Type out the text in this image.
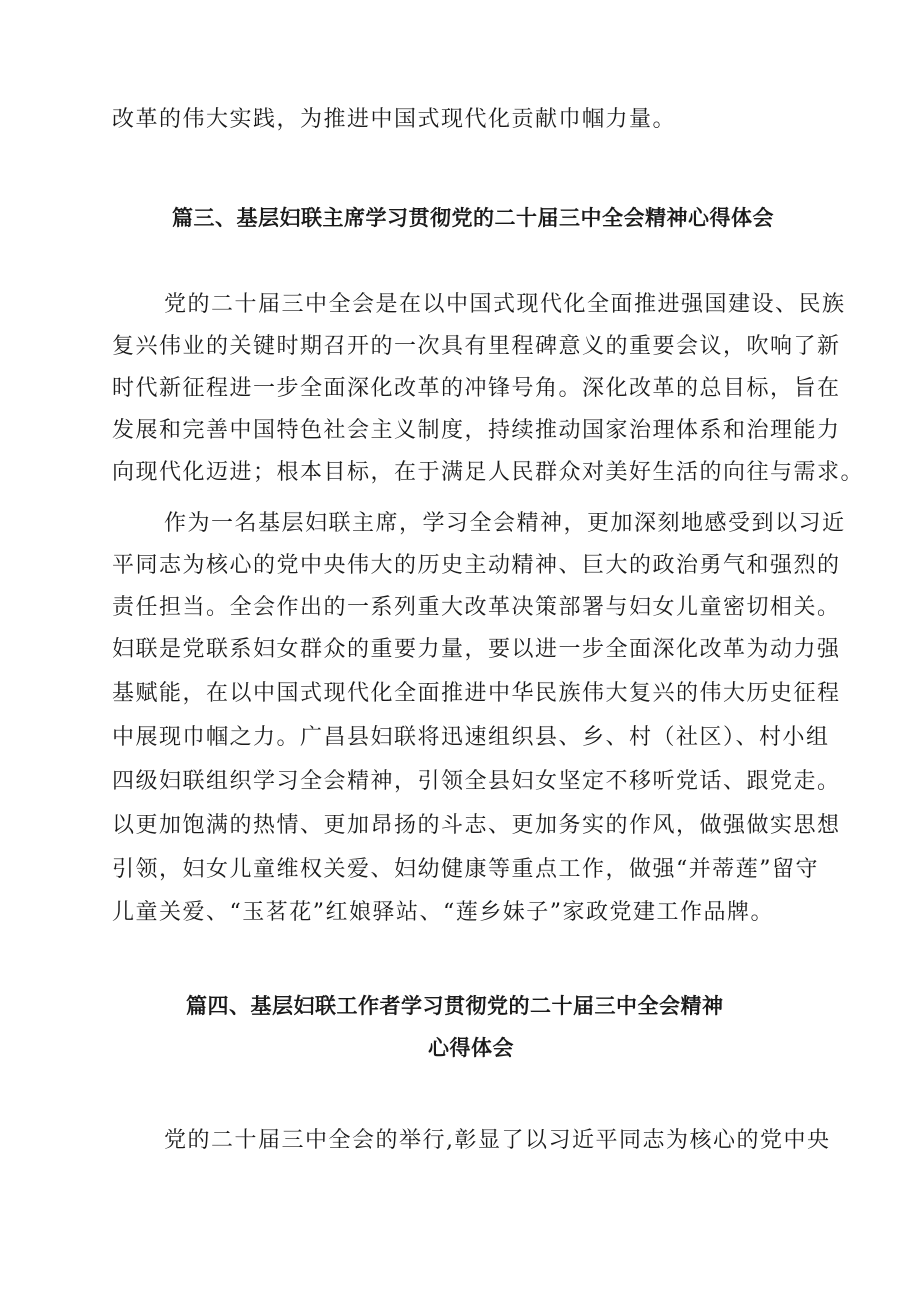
改革的伟大实践，为推进中国式现代化贡献巾帼力量。
篇三、基层妇联主席学习贯彻党的二十届三中全会精神心得体会
党的二十届三中全会是在以中国式现代化全面推进强国建设、民族
复兴伟业的关键时期召开的一次具有里程碑意义的重要会议，吹响了新
时代新征程进一步全面深化改革的冲锋号角。深化改革的总目标，旨在
发展和完善中国特色社会主义制度，持续推动国家治理体系和治理能力
向现代化迈进；根本目标，在于满足人民群众对美好生活的向往与需求。
作为一名基层妇联主席，学习全会精神，更加深刻地感受到以习近
平同志为核心的党中央伟大的历史主动精神、巨大的政治勇气和强烈的
责任担当。全会作出的一系列重大改革决策部署与妇女儿童密切相关。
妇联是党联系妇女群众的重要力量，要以进一步全面深化改革为动力强
基赋能，在以中国式现代化全面推进中华民族伟大复兴的伟大历史征程
中展现巾帼之力。广昌县妇联将迅速组织县、乡、村（社区）、村小组
四级妇联组织学习全会精神，引领全县妇女坚定不移听党话、跟党走。
以更加饱满的热情、更加昂扬的斗志、更加务实的作风，做强做实思想
引领，妇女儿童维权关爱、妇幼健康等重点工作，做强“并蒂莲”留守
儿童关爱、“玉茗花”红娘驿站、“莲乡妹子”家政党建工作品牌。
篇四、基层妇联工作者学习贯彻党的二十届三中全会精神
心得体会
党的二十届三中全会的举行,彰显了以习近平同志为核心的党中央
